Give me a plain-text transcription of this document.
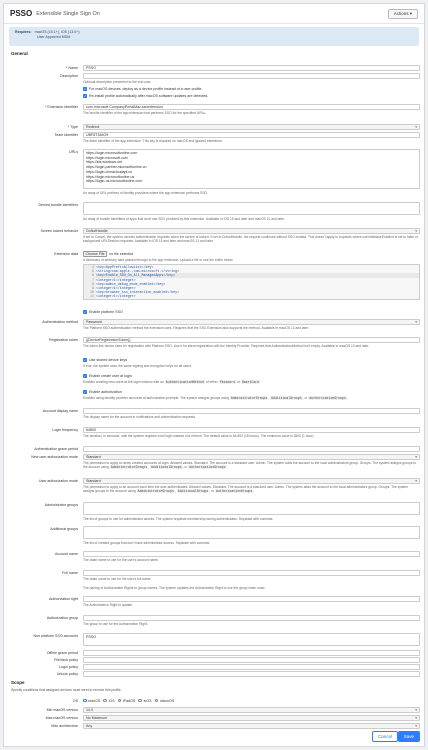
PSSO Extensible Single Sign On	Actions ▾
Requires: macOS (15.1+), iOS (13.0+)
User Approved MDM
General
* Name	PSSO
Description
Optional description presented to the end user.
✓ For macOS devices, deploy as a device profile instead of a user profile.
✓ Re-install profile automatically after macOS software updates are detected.
* Extension Identifier	com.microsoft.CompanyPortalMac.ssoextension
The bundle identifier of the app extension that performs SSO for the specified URLs.
* Type	Redirect ▾
Team Identifier	UBF8T346G9
The team identifier of the app extension. This key is required on macOS and ignored elsewhere.
URLs https://login.microsoftonline.com
https://login.microsoft.com
https://sts.windows.net
https://login.partner.microsoftonline.cn
https://login.chinacloudapi.cn
https://login.microsoftonline.us
https://login-us.microsoftonline.com
An array of URL prefixes of identity providers where the app extension performs SSO.
Denied bundle identifiers
An array of bundle identifiers of apps that don't use SSO provided by this extension. Available in iOS 15 and later and macOS 12 and later.
Screen locked behavior	DoNotHandle ▾
If set to Cancel, the system cancels authentication requests when the screen is locked. If set to DoNotHandle, the request continues without SSO instead. This doesn't apply to requests where userInterfaceEnabled is set to false or background URLSession requests. Available in iOS 15 and later and macOS 12 and later.
Extension data	Choose File no file selected
A dictionary of arbitrary data passed through to the app extension. Upload a file or use the editor below
4 <key>AppPrefixAllowList</key>
5 <string>com.apple.,com.microsoft.</string>
6 <key>Enable_SSO_On_All_ManagedApps</key>
7 <integer>1</integer>
8 <key>admin_debug_mode_enabled</key>
9 <integer>1</integer>
10 <key>browser_sso_interaction_enabled</key>
11 <integer>1</integer>
✓ Enable platform SSO
Authentication method	Password ▾
The Platform SSO authentication method the extension uses. Requires that the SSO Extension also supports the method. Available in macOS 13 and later.
Registration token	{{DeviceRegistrationToken}}
The token this device uses for registration with Platform SSO. Use it for silent registration with the identity Provider. Requires that AuthenticationMethod isn't empty. Available in macOS 13 and later.
✓ Use shared device keys
If true, the system uses the same signing and encryption keys for all users.
✓ Enable create user at login
Enables creating new users at the login window with an AuthenticationMethod of either Password or SmartCard
✓ Enable authorization
Enables using identity provider accounts at authorization prompts. The system assigns groups using AdministratorGroups AdditionalGroups, or AuthorizationGroups.
Account display name
The display name for the account in notifications and authentication requests.
Login frequency	64800
The duration, in seconds, until the system requires a full login instead of a refresh. The default value is 64,800 (18 hours). The minimum value is 3600 (1 hour).
Authentication grace period
New user authorization mode	Standard ▾
The permission to apply to newly created accounts at login. Allowed values: Standard. The account is a standard user. Admin. The system adds the account to the local administrators group. Groups. The system assigns groups to the account using AdministratorGroups AdditionalGroups, or AuthorizationGroups.
User authorization mode	Standard ▾
The permission to apply to an account each time the user authenticates. Allowed values: Standard. The account is a standard user. Admin. The system adds the account to the local administrators group. Groups. The system assigns groups to the account using AdministratorGroups, AdditionalGroups, or AuthorizationGroups.
Administrator groups
The list of groups to use for administrator access. The system requests membership during authentication. Separate with commas.
Additional groups
The list of created groups that don't have administrator access. Separate with commas.
Account name
The claim name to use for the user's account name.
Full name
The claim name to use for the user's full name.
The pairing of Authorization Rights to group names. The system updates the Authorization Right to use the group when used.
Authorization right
The Authorization Right to update.
Authorization group
The group to use for the Authorization Right.
Non platform SSO accounts	PSSO
Offline grace period
FileVault policy
Login policy
Unlock policy
Scope
Specify conditions that assigned devices must meet to receive this profile.
OS	macOS iOS iPadOS tvOS visionOS
Min macOS version	14.0 ▾
Max macOS version	No Maximum ▾
Mac architecture	Any ▾
Cancel	Save
